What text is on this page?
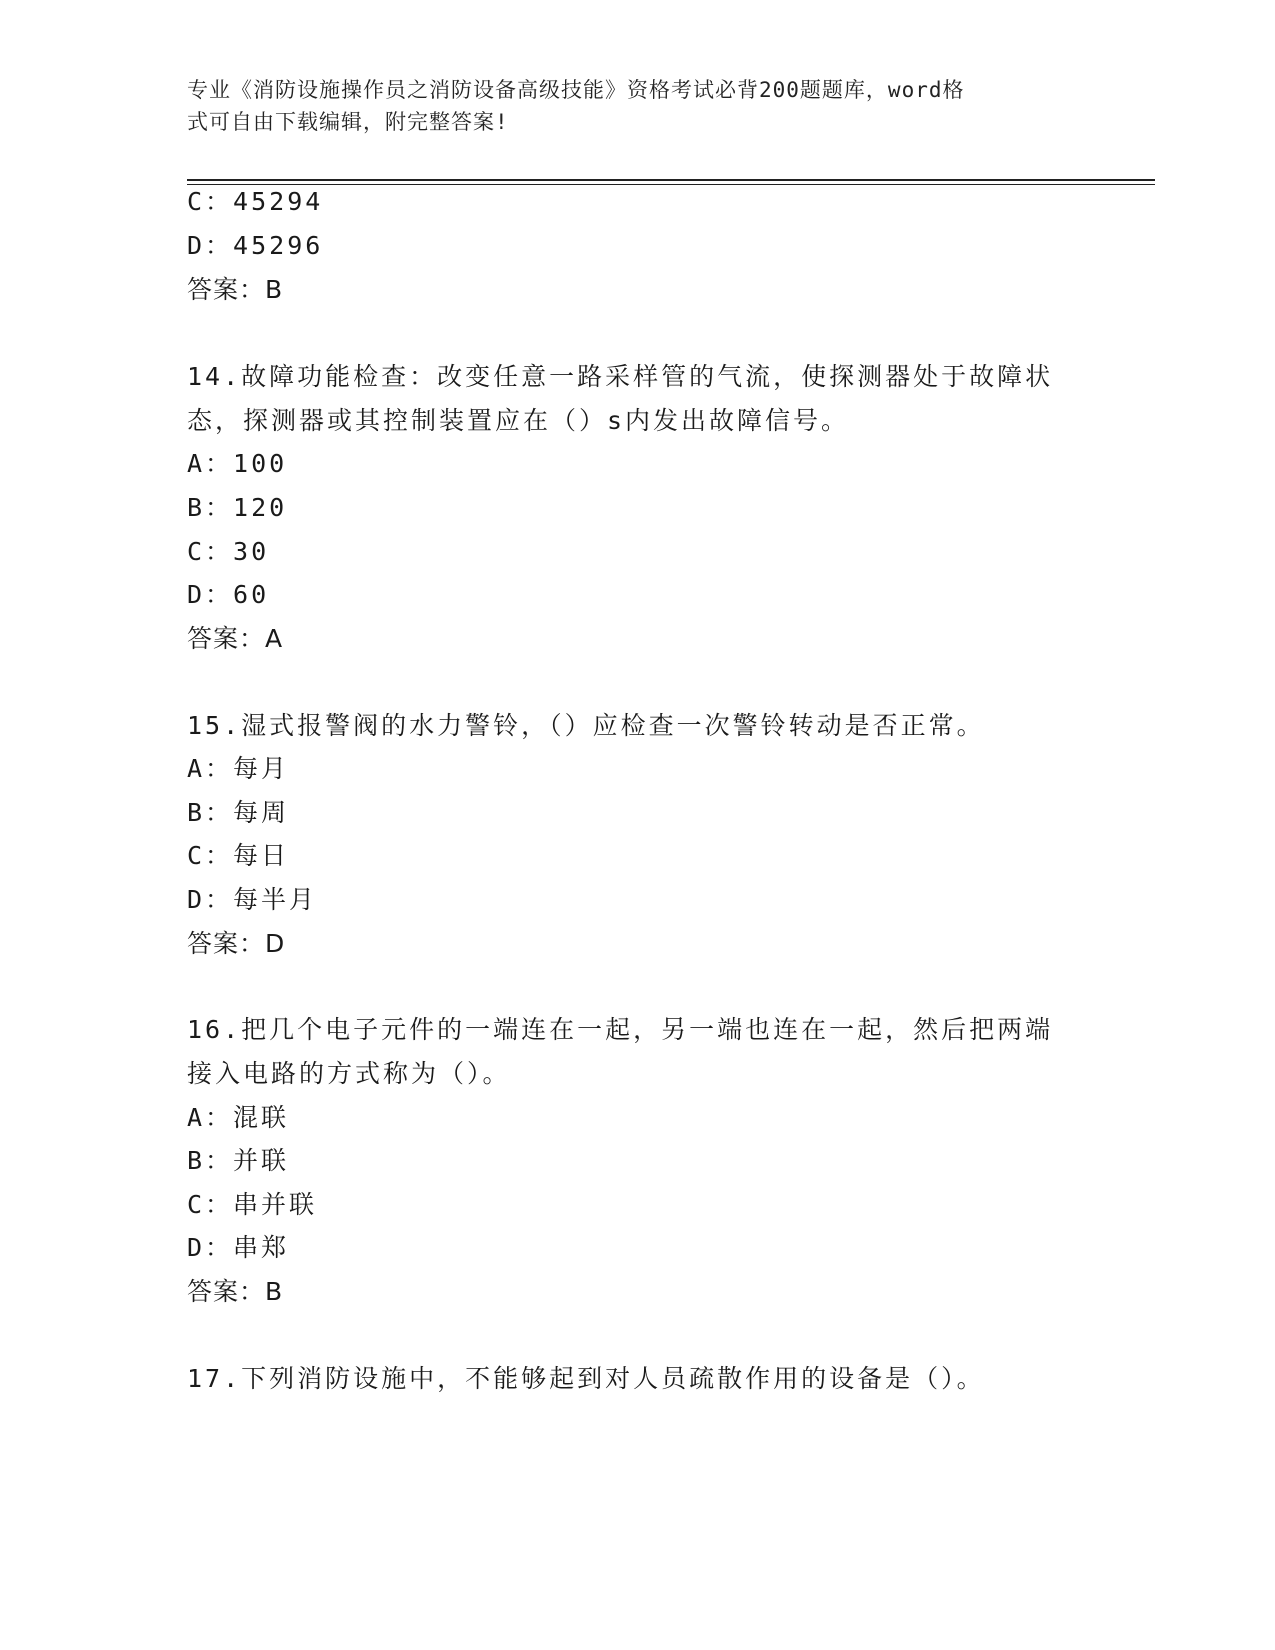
专业《消防设施操作员之消防设备高级技能》资格考试必背200题题库，word格
式可自由下载编辑，附完整答案!
C：45294
D：45296
答案：B
14.故障功能检查：改变任意一路采样管的气流，使探测器处于故障状
态，探测器或其控制装置应在（）s内发出故障信号。
A：100
B：120
C：30
D：60
答案：A
15.湿式报警阀的水力警铃，（）应检查一次警铃转动是否正常。
A：每月
B：每周
C：每日
D：每半月
答案：D
16.把几个电子元件的一端连在一起，另一端也连在一起，然后把两端
接入电路的方式称为（）。
A：混联
B：并联
C：串并联
D：串郑
答案：B
17.下列消防设施中，不能够起到对人员疏散作用的设备是（）。
